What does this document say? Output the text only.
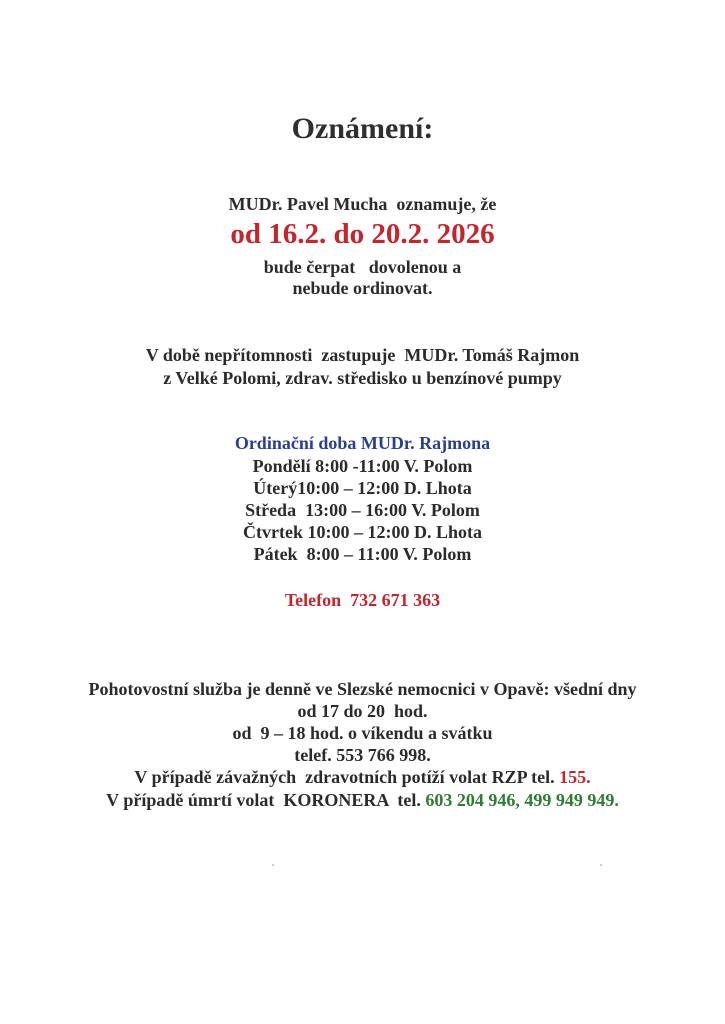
Oznámení:

MUDr. Pavel Mucha  oznamuje, že

od 16.2. do 20.2. 2026

bude čerpat   dovolenou a

nebude ordinovat.

V době nepřítomnosti  zastupuje  MUDr. Tomáš Rajmon

z Velké Polomi, zdrav. středisko u benzínové pumpy

Ordinační doba MUDr. Rajmona

Pondělí 8:00 -11:00 V. Polom

Úterý10:00 – 12:00 D. Lhota

Středa  13:00 – 16:00 V. Polom

Čtvrtek 10:00 – 12:00 D. Lhota

Pátek  8:00 – 11:00 V. Polom

Telefon  732 671 363

Pohotovostní služba je denně ve Slezské nemocnici v Opavě: všední dny

od 17 do 20  hod.

od  9 – 18 hod. o víkendu a svátku

telef. 553 766 998.

V případě závažných  zdravotních potíží volat RZP tel. 155.

V případě úmrtí volat  KORONERA  tel. 603 204 946, 499 949 949.
